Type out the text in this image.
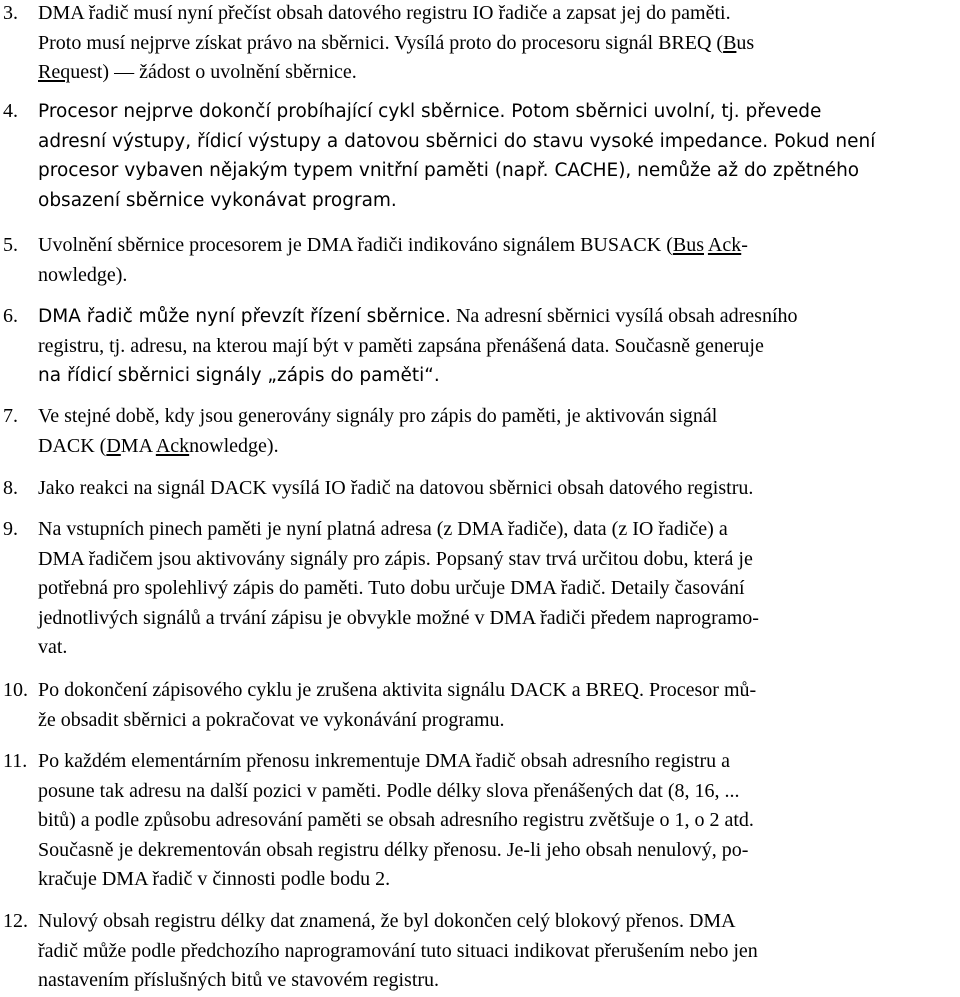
3. DMA řadič musí nyní přečíst obsah datového registru IO řadiče a zapsat jej do paměti.
Proto musí nejprve získat právo na sběrnici. Vysílá proto do procesoru signál BREQ (Bus
Request) — žádost o uvolnění sběrnice.
4. Procesor nejprve dokončí probíhající cykl sběrnice. Potom sběrnici uvolní, tj. převede
adresní výstupy, řídicí výstupy a datovou sběrnici do stavu vysoké impedance. Pokud není
procesor vybaven nějakým typem vnitřní paměti (např. CACHE), nemůže až do zpětného
obsazení sběrnice vykonávat program.
5. Uvolnění sběrnice procesorem je DMA řadiči indikováno signálem BUSACK (Bus Ack-
nowledge).
6. DMA řadič může nyní převzít řízení sběrnice. Na adresní sběrnici vysílá obsah adresního
registru, tj. adresu, na kterou mají být v paměti zapsána přenášená data. Současně generuje
na řídicí sběrnici signály „zápis do paměti“.
7. Ve stejné době, kdy jsou generovány signály pro zápis do paměti, je aktivován signál
DACK (DMA Acknowledge).
8. Jako reakci na signál DACK vysílá IO řadič na datovou sběrnici obsah datového registru.
9. Na vstupních pinech paměti je nyní platná adresa (z DMA řadiče), data (z IO řadiče) a
DMA řadičem jsou aktivovány signály pro zápis. Popsaný stav trvá určitou dobu, která je
potřebná pro spolehlivý zápis do paměti. Tuto dobu určuje DMA řadič. Detaily časování
jednotlivých signálů a trvání zápisu je obvykle možné v DMA řadiči předem naprogramo-
vat.
10. Po dokončení zápisového cyklu je zrušena aktivita signálu DACK a BREQ. Procesor mů-
že obsadit sběrnici a pokračovat ve vykonávání programu.
11. Po každém elementárním přenosu inkrementuje DMA řadič obsah adresního registru a
posune tak adresu na další pozici v paměti. Podle délky slova přenášených dat (8, 16, ...
bitů) a podle způsobu adresování paměti se obsah adresního registru zvětšuje o 1, o 2 atd.
Současně je dekrementován obsah registru délky přenosu. Je-li jeho obsah nenulový, po-
kračuje DMA řadič v činnosti podle bodu 2.
12. Nulový obsah registru délky dat znamená, že byl dokončen celý blokový přenos. DMA
řadič může podle předchozího naprogramování tuto situaci indikovat přerušením nebo jen
nastavením příslušných bitů ve stavovém registru.
